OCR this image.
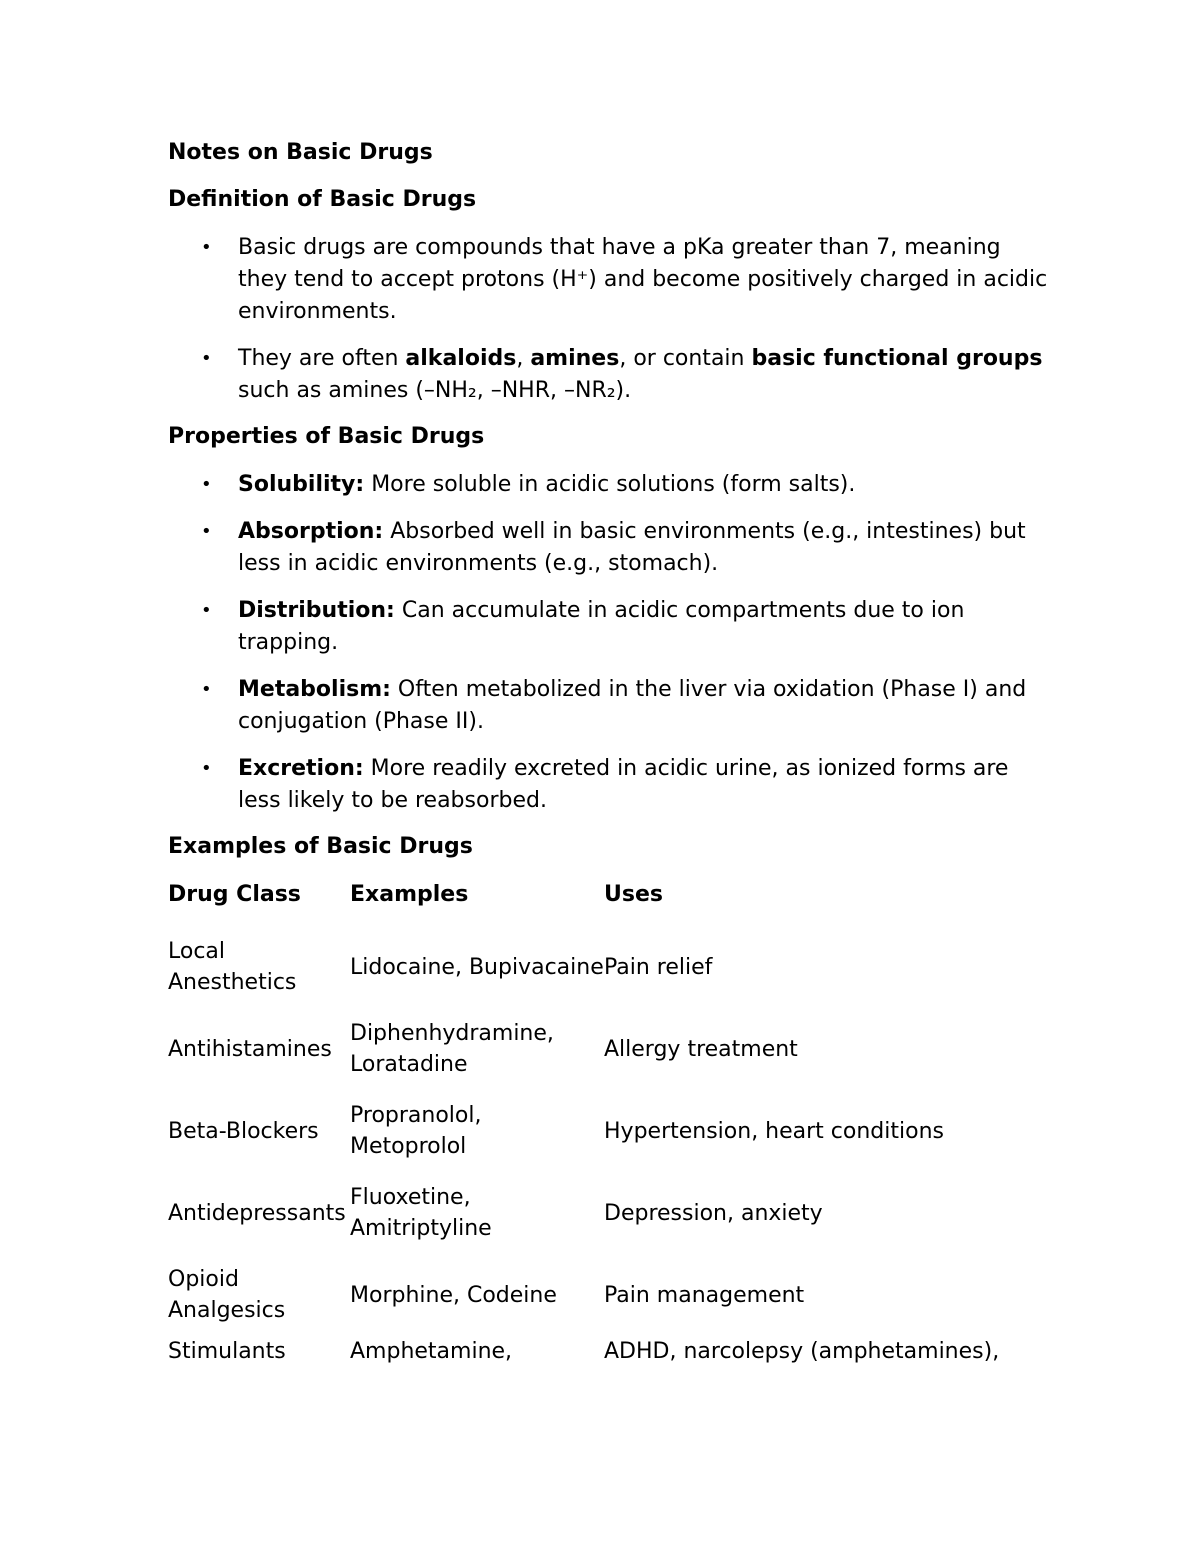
Notes on Basic Drugs
Definition of Basic Drugs
• Basic drugs are compounds that have a pKa greater than 7, meaning they tend to accept protons (H⁺) and become positively charged in acidic environments.
• They are often alkaloids, amines, or contain basic functional groups such as amines (–NH₂, –NHR, –NR₂).
Properties of Basic Drugs
• Solubility: More soluble in acidic solutions (form salts).
• Absorption: Absorbed well in basic environments (e.g., intestines) but less in acidic environments (e.g., stomach).
• Distribution: Can accumulate in acidic compartments due to ion trapping.
• Metabolism: Often metabolized in the liver via oxidation (Phase I) and conjugation (Phase II).
• Excretion: More readily excreted in acidic urine, as ionized forms are less likely to be reabsorbed.
Examples of Basic Drugs
Drug Class	Examples	Uses
Local Anesthetics	Lidocaine, Bupivacaine	Pain relief
Antihistamines	Diphenhydramine, Loratadine	Allergy treatment
Beta-Blockers	Propranolol, Metoprolol	Hypertension, heart conditions
Antidepressants	Fluoxetine, Amitriptyline	Depression, anxiety
Opioid Analgesics	Morphine, Codeine	Pain management
Stimulants	Amphetamine,	ADHD, narcolepsy (amphetamines),
